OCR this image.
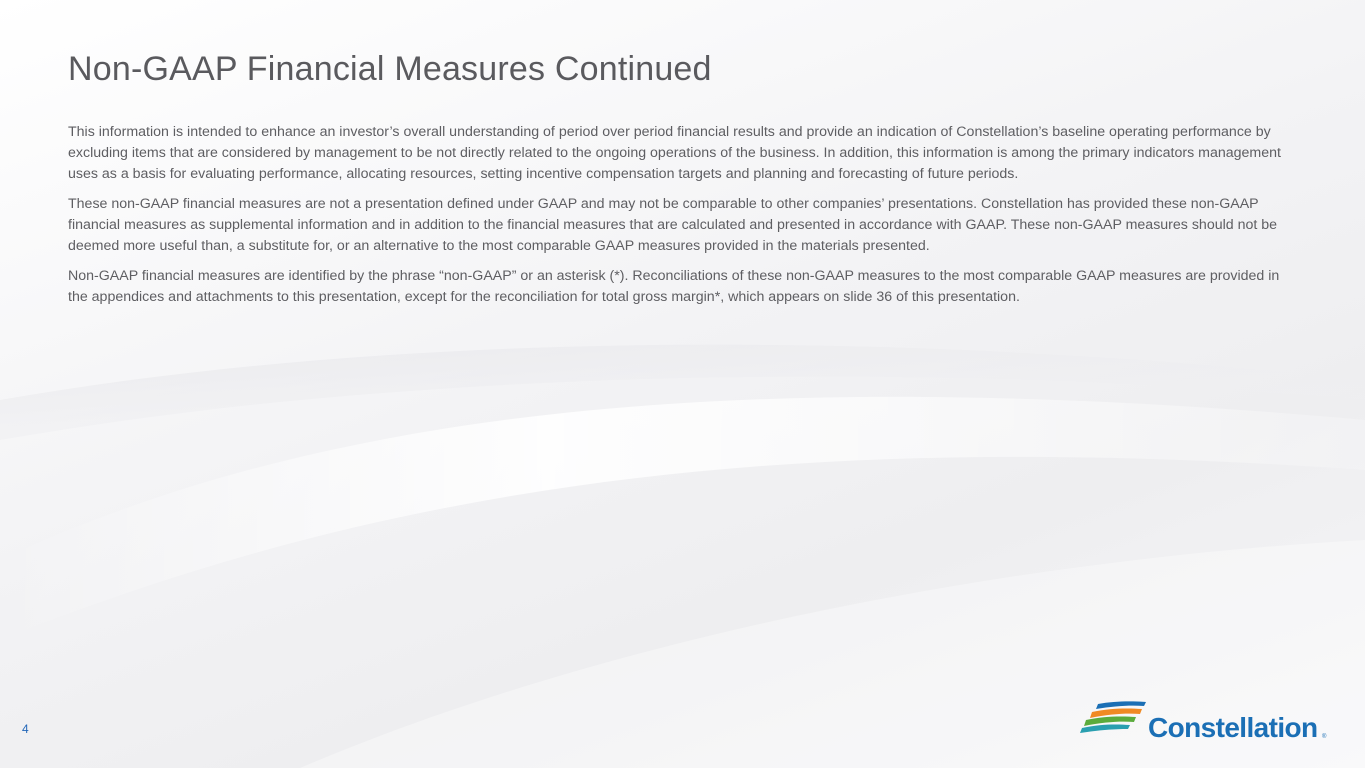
Non-GAAP Financial Measures Continued

This information is intended to enhance an investor’s overall understanding of period over period financial results and provide an indication of Constellation’s baseline operating performance by excluding items that are considered by management to be not directly related to the ongoing operations of the business. In addition, this information is among the primary indicators management uses as a basis for evaluating performance, allocating resources, setting incentive compensation targets and planning and forecasting of future periods.

These non-GAAP financial measures are not a presentation defined under GAAP and may not be comparable to other companies’ presentations. Constellation has provided these non-GAAP financial measures as supplemental information and in addition to the financial measures that are calculated and presented in accordance with GAAP. These non-GAAP measures should not be deemed more useful than, a substitute for, or an alternative to the most comparable GAAP measures provided in the materials presented.

Non-GAAP financial measures are identified by the phrase “non-GAAP” or an asterisk (*). Reconciliations of these non-GAAP measures to the most comparable GAAP measures are provided in the appendices and attachments to this presentation, except for the reconciliation for total gross margin*, which appears on slide 36 of this presentation.

4	Constellation ®
